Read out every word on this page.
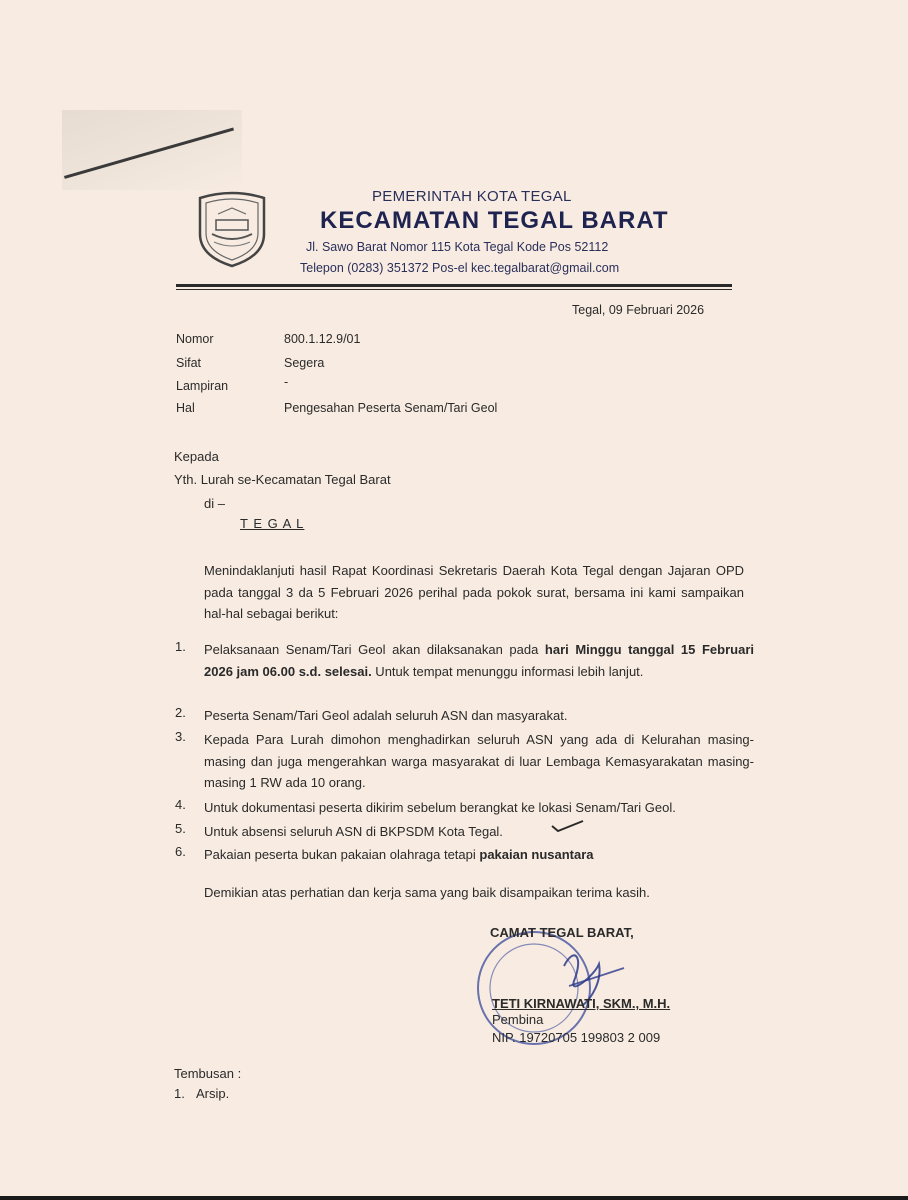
PEMERINTAH KOTA TEGAL
KECAMATAN TEGAL BARAT
Jl. Sawo Barat Nomor 115 Kota Tegal Kode Pos 52112
Telepon (0283) 351372 Pos-el kec.tegalbarat@gmail.com
Tegal, 09 Februari 2026
Nomor	800.1.12.9/01
Sifat	Segera
Lampiran	-
Hal	Pengesahan Peserta Senam/Tari Geol
Kepada
Yth. Lurah se-Kecamatan Tegal Barat
di –
T E G A L
Menindaklanjuti hasil Rapat Koordinasi Sekretaris Daerah Kota Tegal dengan Jajaran OPD pada tanggal 3 da 5 Februari 2026 perihal pada pokok surat, bersama ini kami sampaikan hal-hal sebagai berikut:
1. Pelaksanaan Senam/Tari Geol akan dilaksanakan pada hari Minggu tanggal 15 Februari 2026 jam 06.00 s.d. selesai. Untuk tempat menunggu informasi lebih lanjut.
2. Peserta Senam/Tari Geol adalah seluruh ASN dan masyarakat.
3. Kepada Para Lurah dimohon menghadirkan seluruh ASN yang ada di Kelurahan masing-masing dan juga mengerahkan warga masyarakat di luar Lembaga Kemasyarakatan masing-masing 1 RW ada 10 orang.
4. Untuk dokumentasi peserta dikirim sebelum berangkat ke lokasi Senam/Tari Geol.
5. Untuk absensi seluruh ASN di BKPSDM Kota Tegal.
6. Pakaian peserta bukan pakaian olahraga tetapi pakaian nusantara
Demikian atas perhatian dan kerja sama yang baik disampaikan terima kasih.
CAMAT TEGAL BARAT,
TETI KIRNAWATI, SKM., M.H.
Pembina
NIP. 19720705 199803 2 009
Tembusan :
1. Arsip.
